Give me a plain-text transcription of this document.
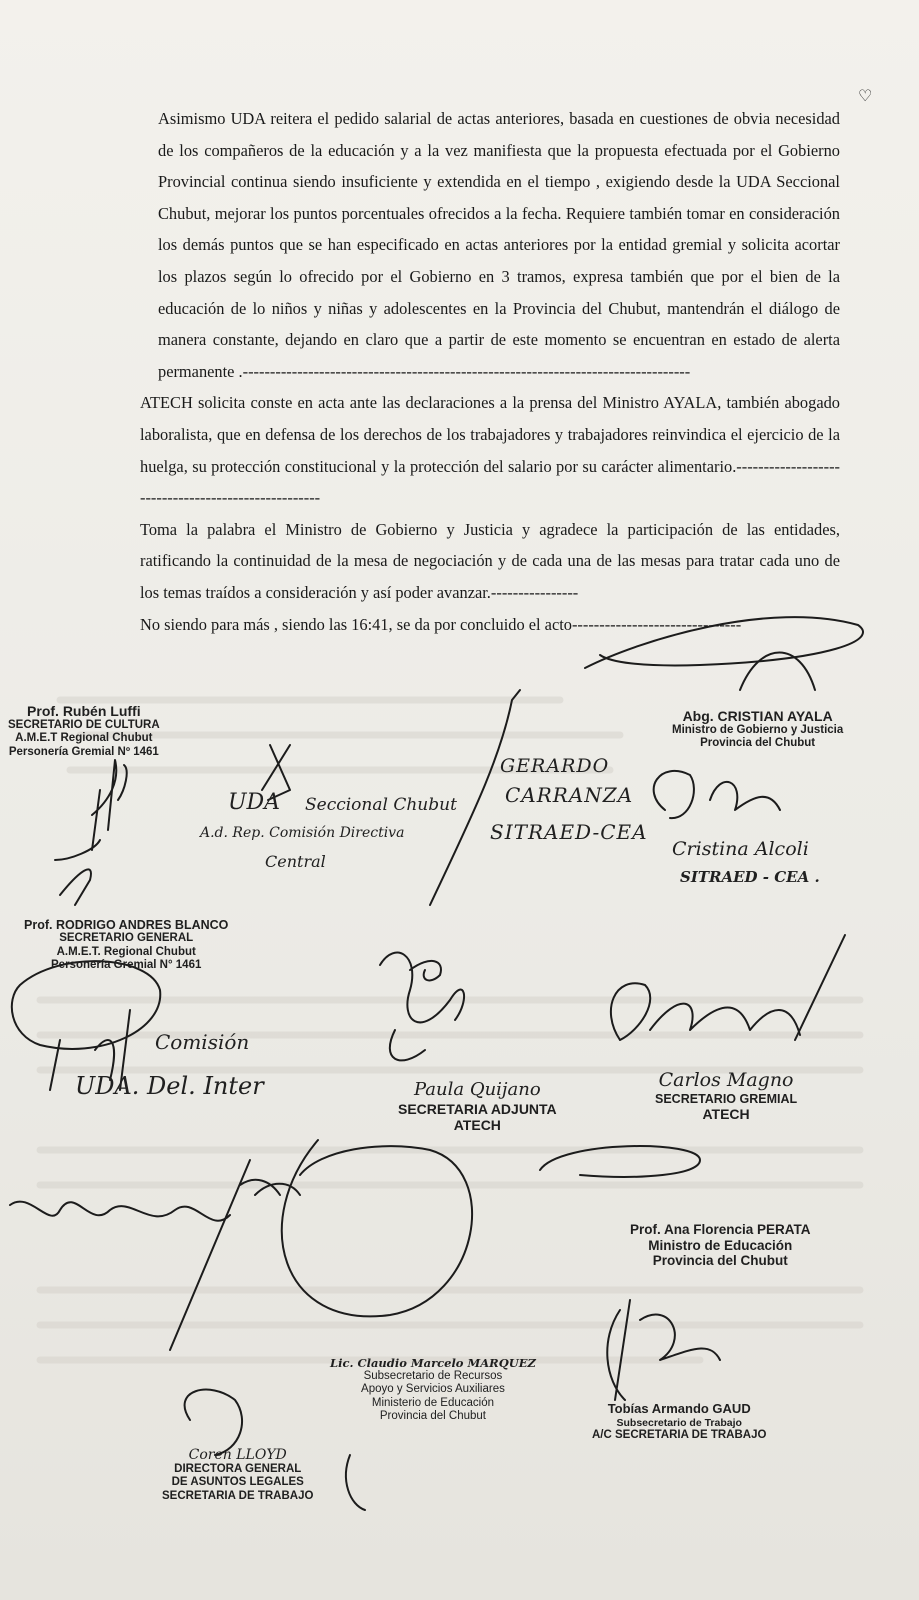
♡

Asimismo UDA reitera el pedido salarial de actas anteriores, basada en cuestiones de obvia necesidad de los compañeros de la educación y a la vez manifiesta que la propuesta efectuada por el Gobierno Provincial continua siendo insuficiente y extendida en el tiempo , exigiendo desde la UDA Seccional Chubut, mejorar los puntos porcentuales ofrecidos a la fecha. Requiere también tomar en consideración los demás puntos que se han especificado en actas anteriores por la entidad gremial y solicita acortar los plazos según lo ofrecido por el Gobierno en 3 tramos, expresa también que por el bien de la educación de lo niños y niñas y adolescentes en la Provincia del Chubut, mantendrán el diálogo de manera constante, dejando en claro que a partir de este momento se encuentran en estado de alerta permanente .----------------------------------------------------------------------------------

ATECH solicita conste en acta ante las declaraciones a la prensa del Ministro AYALA, también abogado laboralista, que en defensa de los derechos de los trabajadores y trabajadores reinvindica el ejercicio de la huelga, su protección constitucional y la protección del salario por su carácter alimentario.----------------------------------------------------

Toma la palabra el Ministro de Gobierno y Justicia y agradece la participación de las entidades, ratificando la continuidad de la mesa de negociación y de cada una de las mesas para tratar cada uno de los temas traídos a consideración y así poder avanzar.----------------

No siendo para más , siendo las 16:41, se da por concluido el acto-------------------------------

UDA Seccional Chubut
A.d. Rep. Comisión Directiva
Central
GERARDO
CARRANZA
SITRAED-CEA
Cristina Alcoli
SITRAED - CEA .
Comisión
UDA. Del. Inter
Prof. Rubén Luffi
SECRETARIO DE CULTURA
A.M.E.T Regional Chubut
Personería Gremial Nº 1461
Abg. CRISTIAN AYALA
Ministro de Gobierno y Justicia
Provincia del Chubut
Prof. RODRIGO ANDRES BLANCO
SECRETARIO GENERAL
A.M.E.T. Regional Chubut
Personería Gremial N° 1461
Paula Quijano
SECRETARIA ADJUNTA
ATECH
Carlos Magno
SECRETARIO GREMIAL
ATECH
Prof. Ana Florencia PERATA
Ministro de Educación
Provincia del Chubut
Lic. Claudio Marcelo MARQUEZ
Subsecretario de Recursos
Apoyo y Servicios Auxiliares
Ministerio de Educación
Provincia del Chubut	Tobías Armando GAUD
Subsecretario de Trabajo
A/C SECRETARIA DE TRABAJO
Coren LLOYD
DIRECTORA GENERAL
DE ASUNTOS LEGALES
SECRETARIA DE TRABAJO
